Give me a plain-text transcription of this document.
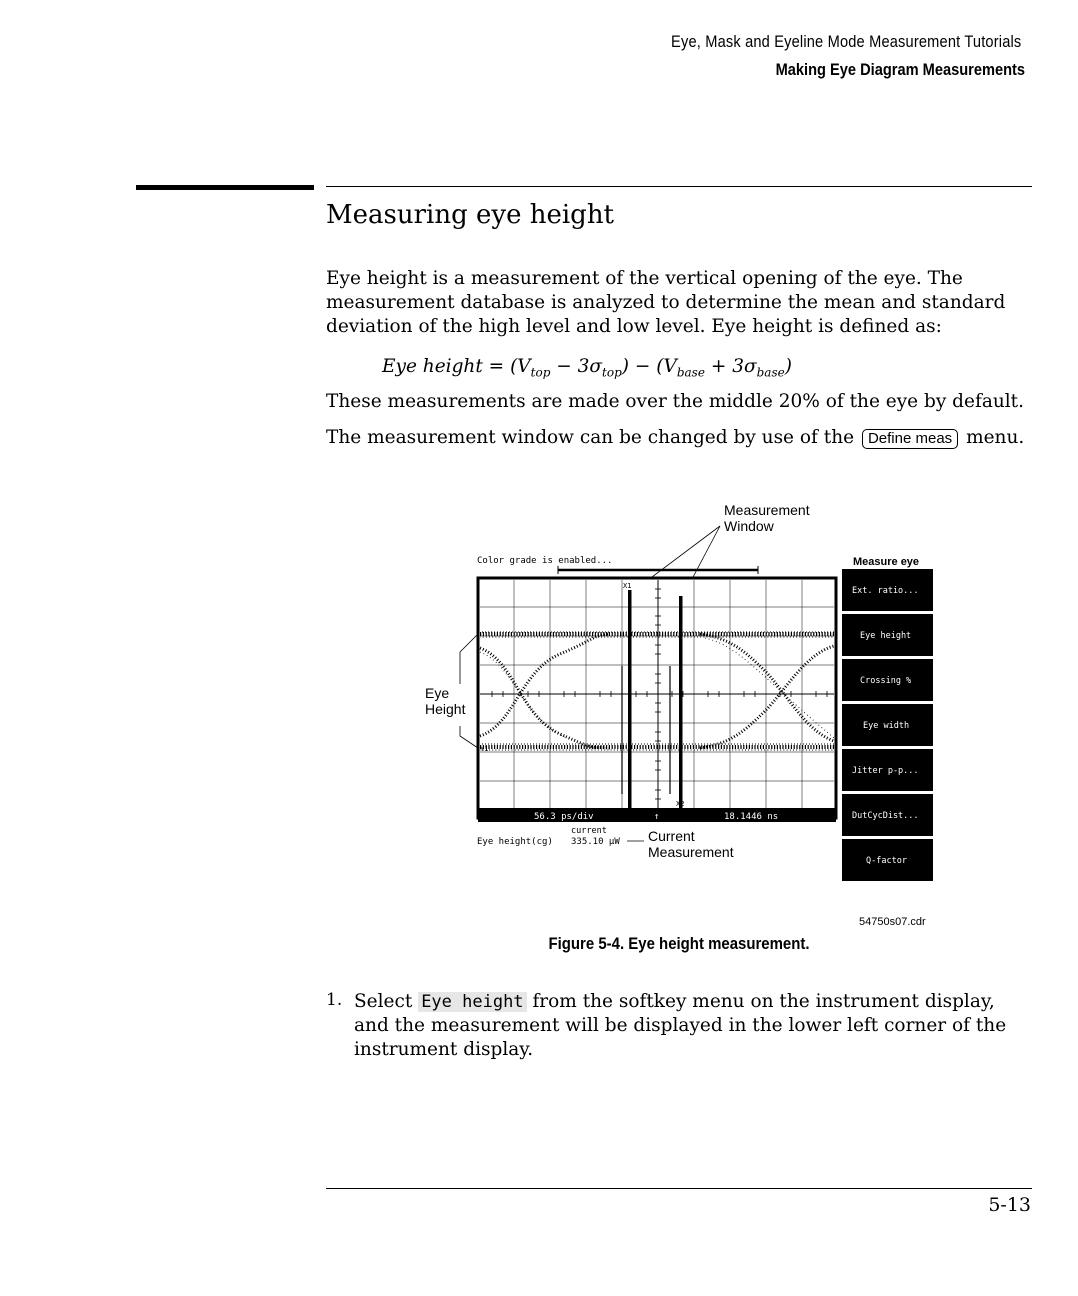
Eye, Mask and Eyeline Mode Measurement Tutorials
Making Eye Diagram Measurements
Measuring eye height
Eye height is a measurement of the vertical opening of the eye. The measurement database is analyzed to determine the mean and standard deviation of the high level and low level. Eye height is defined as:
Eye height = $(V_{top} - 3\sigma_{top}) - (V_{base} + 3\sigma_{base})$
These measurements are made over the middle 20% of the eye by default.
The measurement window can be changed by use of the Define meas menu.
Measurement
Window
Eye
Height
Color grade is enabled...
X1
X2
Y1
56.3 ps/div	↑	18.1446 ns
current
Eye height(cg) 335.10 µW Current
Measurement
Measure eye
Ext. ratio...
Eye height
Crossing %
Eye width
Jitter p-p...
DutCycDist...
Q-factor
54750s07.cdr
Figure 5-4. Eye height measurement.
1. Select Eye height from the softkey menu on the instrument display, and the measurement will be displayed in the lower left corner of the instrument display.
5-13
